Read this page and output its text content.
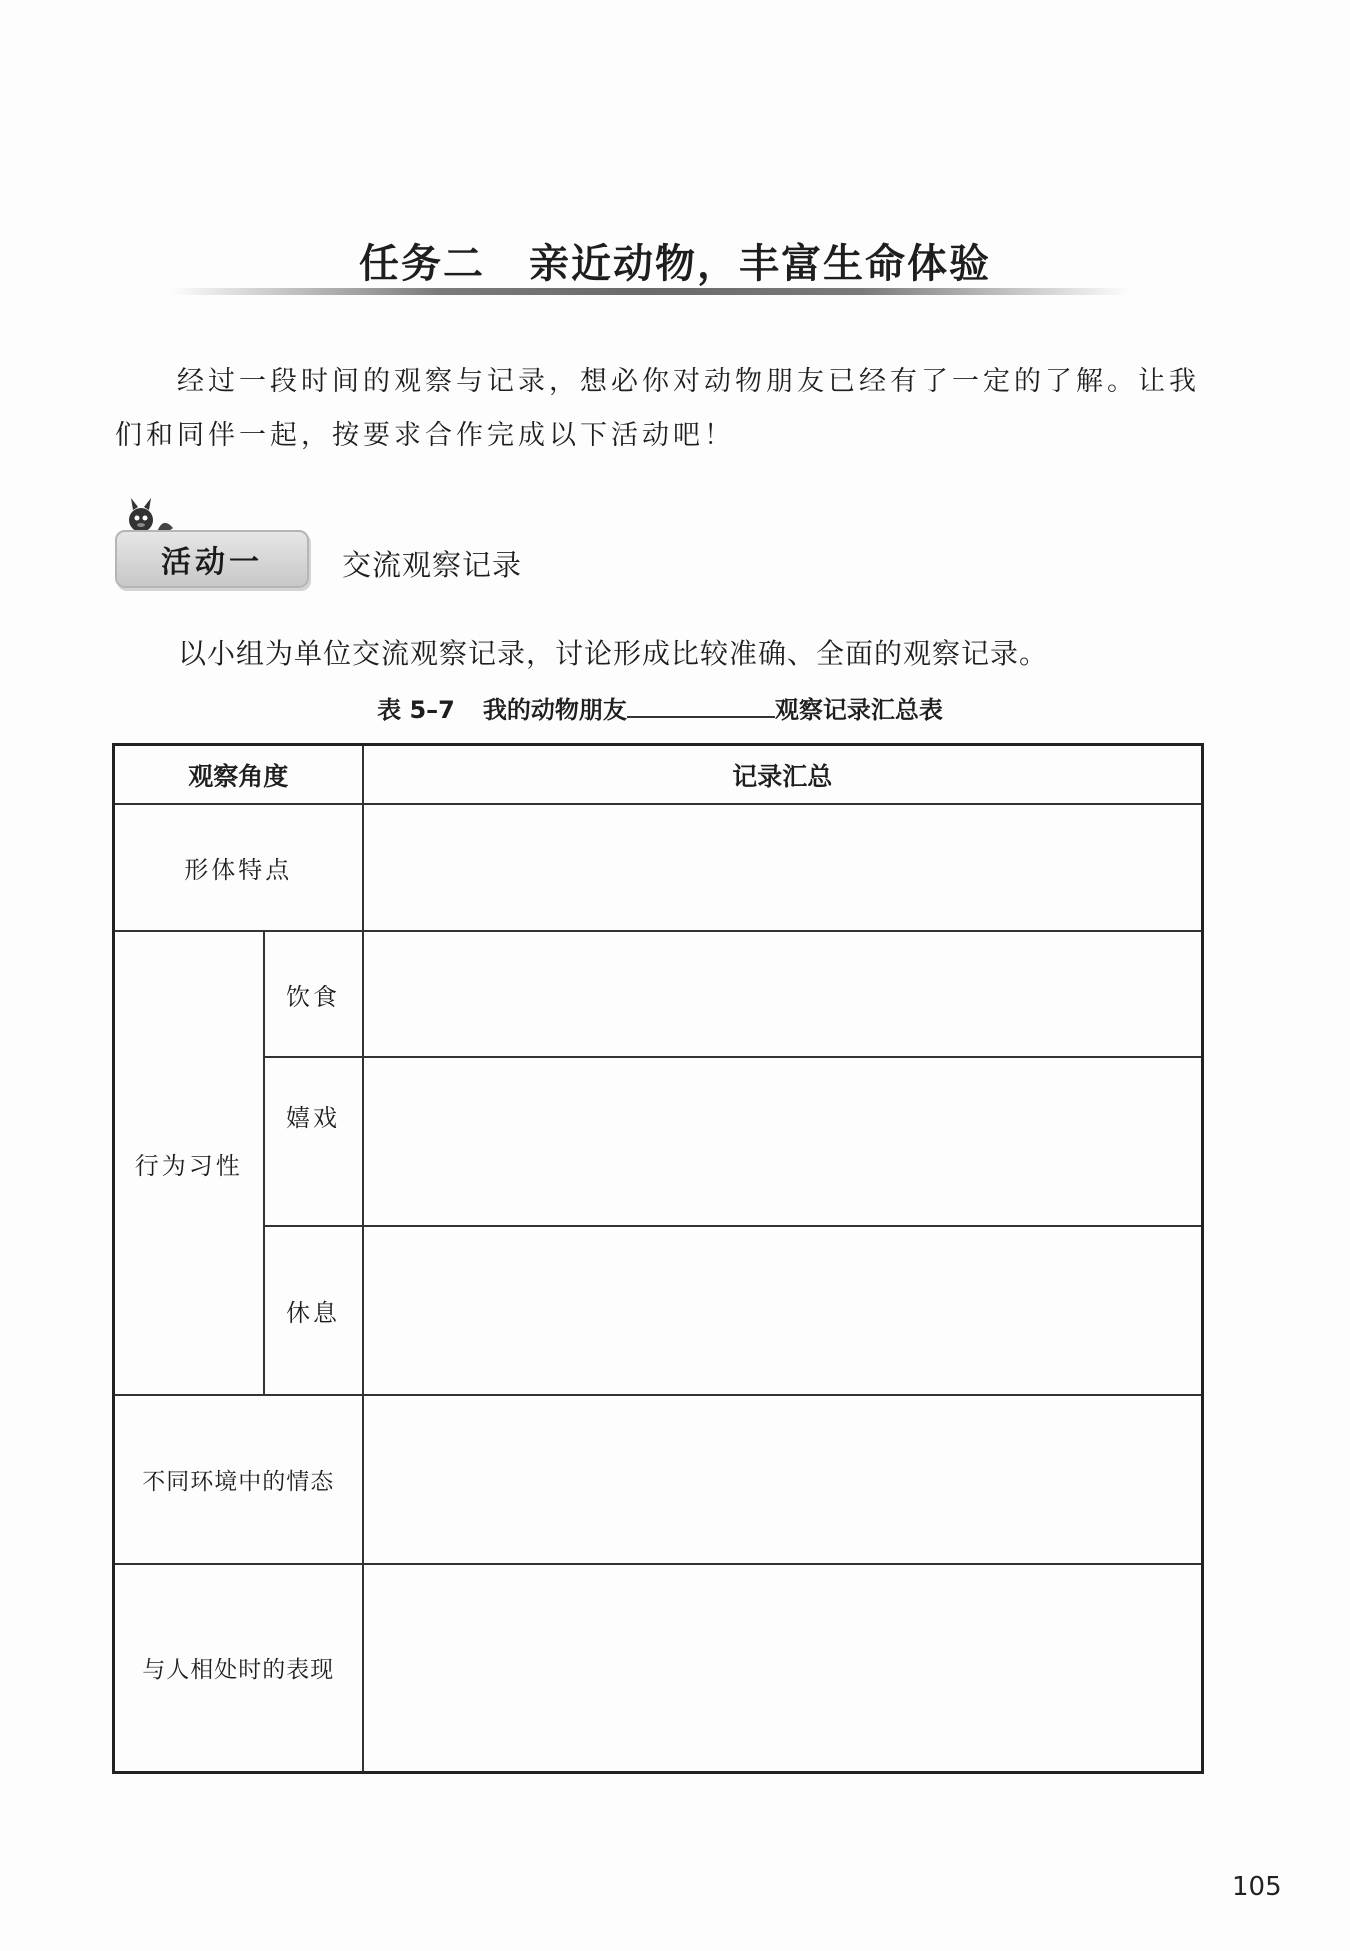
任务二 亲近动物，丰富生命体验

经过一段时间的观察与记录，想必你对动物朋友已经有了一定的了解。让我们和同伴一起，按要求合作完成以下活动吧！

活动一	交流观察记录
以小组为单位交流观察记录，讨论形成比较准确、全面的观察记录。
表 5–7 我的动物朋友	观察记录汇总表
观察角度		记录汇总
形体特点		
行为习性	饮食	
	嬉戏	
	休息	
不同环境中的情态		
与人相处时的表现		
105
